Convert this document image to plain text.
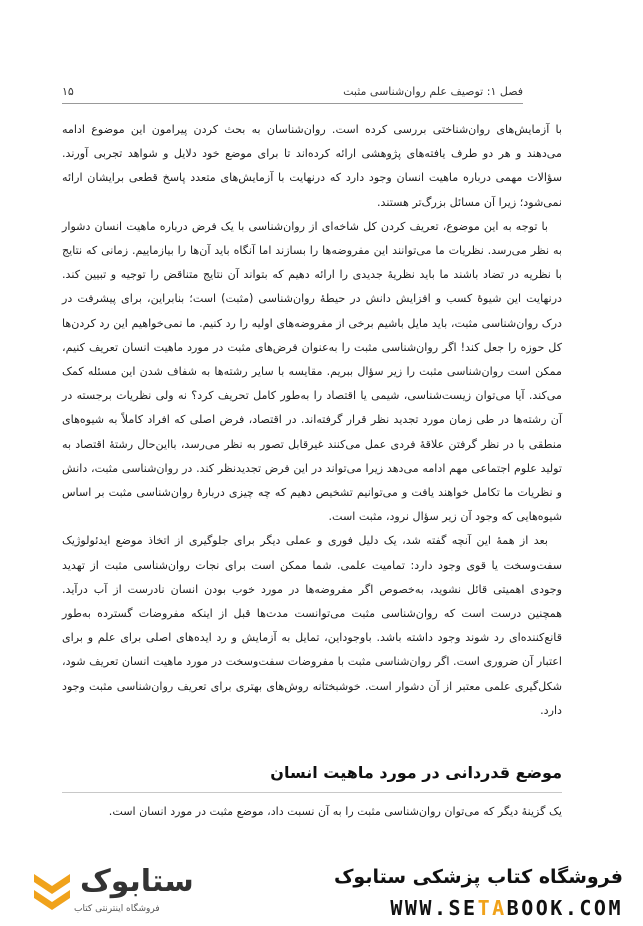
فصل ۱: توصیف علم روان‌شناسی مثبت
۱۵

با آزمایش‌های روان‌شناختی بررسی کرده است. روان‌شناسان به بحث کردن پیرامون این موضوع ادامه می‌دهند و هر دو طرف یافته‌های پژوهشی ارائه کرده‌اند تا برای موضع خود دلایل و شواهد تجربی آورند. سؤالات مهمی درباره ماهیت انسان وجود دارد که درنهایت با آزمایش‌های متعدد پاسخ قطعی برایشان ارائه نمی‌شود؛ زیرا آن مسائل بزرگ‌تر هستند.

با توجه به این موضوع، تعریف کردن کل شاخه‌ای از روان‌شناسی با یک فرض درباره ماهیت انسان دشوار به نظر می‌رسد. نظریات ما می‌توانند این مفروضه‌ها را بسازند اما آنگاه باید آن‌ها را بیازماییم. زمانی که نتایج با نظریه در تضاد باشند ما باید نظریهٔ جدیدی را ارائه دهیم که بتواند آن نتایج متناقض را توجیه و تبیین کند. درنهایت این شیوهٔ کسب و افزایش دانش در حیطهٔ روان‌شناسی (مثبت) است؛ بنابراین، برای پیشرفت در درک روان‌شناسی مثبت، باید مایل باشیم برخی از مفروضه‌های اولیه را رد کنیم. ما نمی‌خواهیم این رد کردن‌ها کل حوزه را جعل کند! اگر روان‌شناسی مثبت را به‌عنوان فرض‌های مثبت در مورد ماهیت انسان تعریف کنیم، ممکن است روان‌شناسی مثبت را زیر سؤال ببریم. مقایسه با سایر رشته‌ها به شفاف شدن این مسئله کمک می‌کند. آیا می‌توان زیست‌شناسی، شیمی یا اقتصاد را به‌طور کامل تحریف کرد؟ نه ولی نظریات برجسته در آن رشته‌ها در طی زمان مورد تجدید نظر قرار گرفته‌اند. در اقتصاد، فرض اصلی که افراد کاملاً به شیوه‌های منطقی با در نظر گرفتن علاقهٔ فردی عمل می‌کنند غیرقابل تصور به نظر می‌رسد، بااین‌حال رشتهٔ اقتصاد به تولید علوم اجتماعی مهم ادامه می‌دهد زیرا می‌تواند در این فرض تجدیدنظر کند. در روان‌شناسی مثبت، دانش و نظریات ما تکامل خواهند یافت و می‌توانیم تشخیص دهیم که چه چیزی دربارهٔ روان‌شناسی مثبت بر اساس شیوه‌هایی که وجود آن زیر سؤال نرود، مثبت است.

بعد از همهٔ این آنچه گفته شد، یک دلیل فوری و عملی دیگر برای جلوگیری از اتخاذ موضع ایدئولوژیک سفت‌وسخت یا قوی وجود دارد: تمامیت علمی. شما ممکن است برای نجات روان‌شناسی مثبت از تهدید وجودی اهمیتی قائل نشوید، به‌خصوص اگر مفروضه‌ها در مورد خوب بودن انسان نادرست از آب درآید. همچنین درست است که روان‌شناسی مثبت می‌توانست مدت‌ها قبل از اینکه مفروضات گسترده به‌طور قانع‌کننده‌ای رد شوند وجود داشته باشد. باوجوداین، تمایل به آزمایش و رد ایده‌های اصلی برای علم و برای اعتبار آن ضروری است. اگر روان‌شناسی مثبت با مفروضات سفت‌وسخت در مورد ماهیت انسان تعریف شود، شکل‌گیری علمی معتبر از آن دشوار است. خوشبختانه روش‌های بهتری برای تعریف روان‌شناسی مثبت وجود دارد.

موضع قدردانی در مورد ماهیت انسان
یک گزینهٔ دیگر که می‌توان روان‌شناسی مثبت را به آن نسبت داد، موضع مثبت در مورد انسان است.
ستابوک
فروشگاه اینترنتی کتاب
فروشگاه کتاب پزشکی ستابوک
WWW.SETABOOK.COM
